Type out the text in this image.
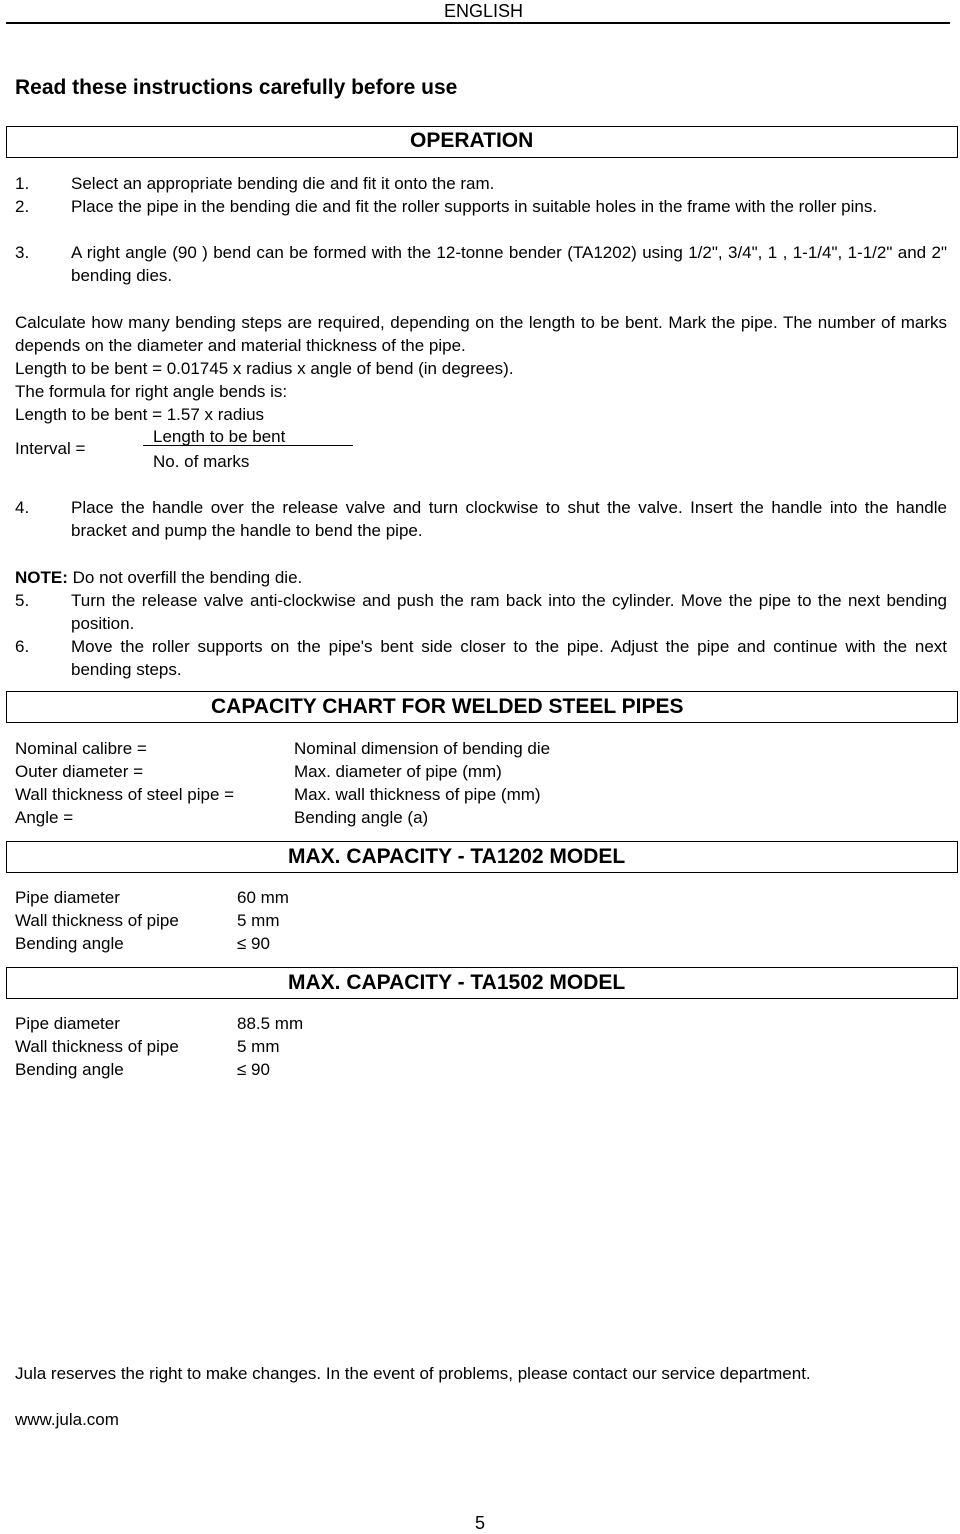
ENGLISH
Read these instructions carefully before use
OPERATION
1.	Select an appropriate bending die and fit it onto the ram.
2.	Place the pipe in the bending die and fit the roller supports in suitable holes in the frame with the roller pins.
3.	A right angle (90 ) bend can be formed with the 12-tonne bender (TA1202) using 1/2", 3/4", 1 , 1-1/4", 1-1/2" and 2" bending dies.
Calculate how many bending steps are required, depending on the length to be bent. Mark the pipe. The number of marks depends on the diameter and material thickness of the pipe.
Length to be bent = 0.01745 x radius x angle of bend (in degrees).
The formula for right angle bends is:
Length to be bent = 1.57 x radius
Interval =
Length to be bent
No. of marks
4.	Place the handle over the release valve and turn clockwise to shut the valve. Insert the handle into the handle bracket and pump the handle to bend the pipe.
NOTE: Do not overfill the bending die.
5.	Turn the release valve anti-clockwise and push the ram back into the cylinder. Move the pipe to the next bending position.
6.	Move the roller supports on the pipe's bent side closer to the pipe. Adjust the pipe and continue with the next bending steps.
CAPACITY CHART FOR WELDED STEEL PIPES
Nominal calibre =	Nominal dimension of bending die
Outer diameter =	Max. diameter of pipe (mm)
Wall thickness of steel pipe =	Max. wall thickness of pipe (mm)
Angle =	Bending angle (a)
MAX. CAPACITY - TA1202 MODEL
Pipe diameter	60 mm
Wall thickness of pipe	5 mm
Bending angle	≤ 90
MAX. CAPACITY - TA1502 MODEL
Pipe diameter	88.5 mm
Wall thickness of pipe	5 mm
Bending angle	≤ 90
Jula reserves the right to make changes. In the event of problems, please contact our service department.
www.jula.com
5
